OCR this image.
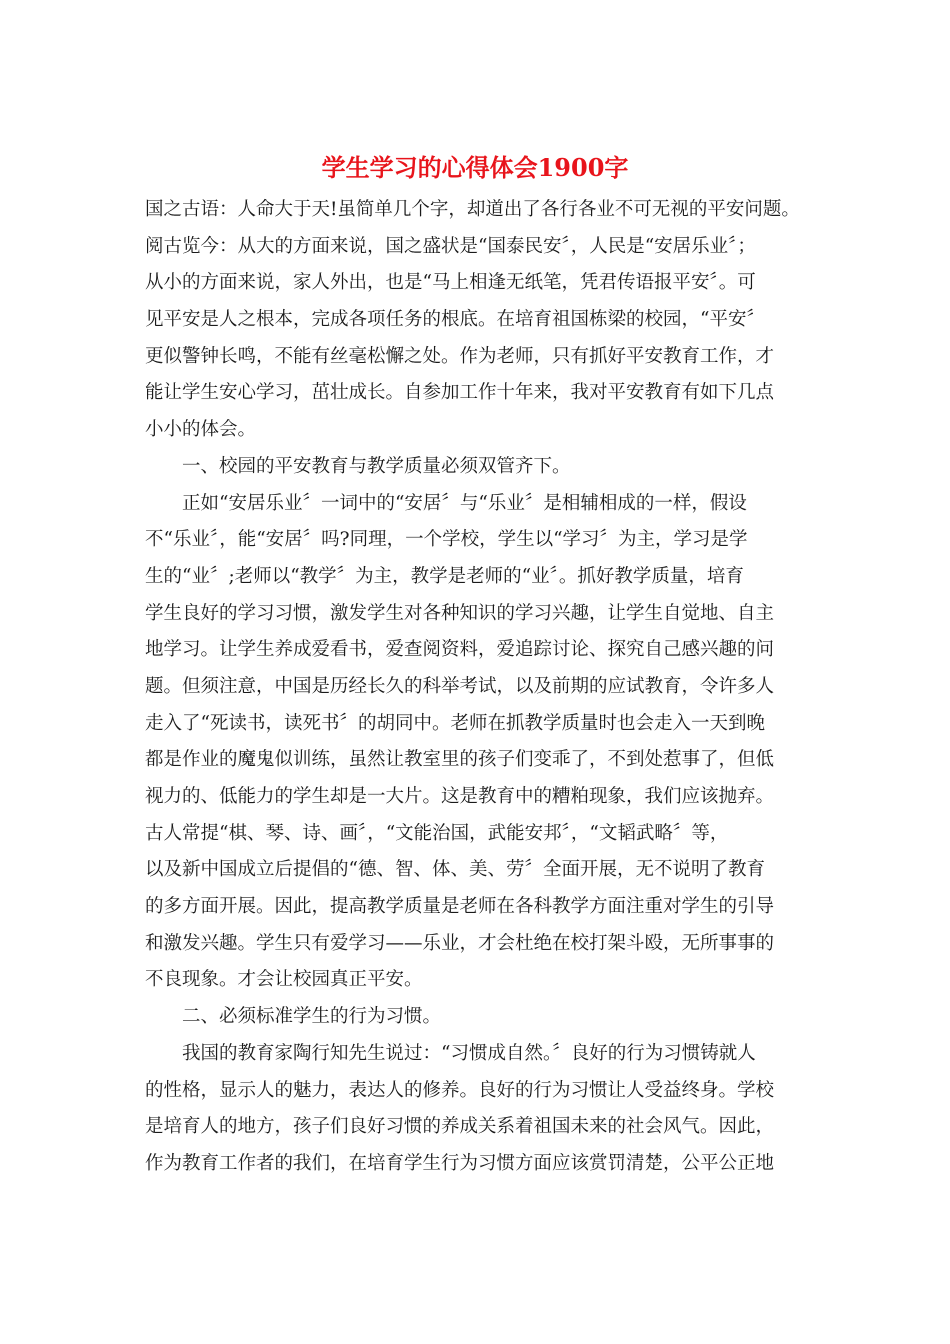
学生学习的心得体会1900字
国之古语：人命大于天!虽简单几个字，却道出了各行各业不可无视的平安问题。
阅古览今：从大的方面来说，国之盛状是“国泰民安〞，人民是“安居乐业〞；
从小的方面来说，家人外出，也是“马上相逢无纸笔，凭君传语报平安〞。可
见平安是人之根本，完成各项任务的根底。在培育祖国栋梁的校园，“平安〞
更似警钟长鸣，不能有丝毫松懈之处。作为老师，只有抓好平安教育工作，才
能让学生安心学习，茁壮成长。自参加工作十年来，我对平安教育有如下几点
小小的体会。
一、校园的平安教育与教学质量必须双管齐下。
正如“安居乐业〞一词中的“安居〞与“乐业〞是相辅相成的一样，假设
不“乐业〞，能“安居〞吗?同理，一个学校，学生以“学习〞为主，学习是学
生的“业〞;老师以“教学〞为主，教学是老师的“业〞。抓好教学质量，培育
学生良好的学习习惯，激发学生对各种知识的学习兴趣，让学生自觉地、自主
地学习。让学生养成爱看书，爱查阅资料，爱追踪讨论、探究自己感兴趣的问
题。但须注意，中国是历经长久的科举考试，以及前期的应试教育，令许多人
走入了“死读书，读死书〞的胡同中。老师在抓教学质量时也会走入一天到晚
都是作业的魔鬼似训练，虽然让教室里的孩子们变乖了，不到处惹事了，但低
视力的、低能力的学生却是一大片。这是教育中的糟粕现象，我们应该抛弃。
古人常提“棋、琴、诗、画〞，“文能治国，武能安邦〞，“文韬武略〞等，
以及新中国成立后提倡的“德、智、体、美、劳〞全面开展，无不说明了教育
的多方面开展。因此，提高教学质量是老师在各科教学方面注重对学生的引导
和激发兴趣。学生只有爱学习——乐业，才会杜绝在校打架斗殴，无所事事的
不良现象。才会让校园真正平安。
二、必须标准学生的行为习惯。
我国的教育家陶行知先生说过：“习惯成自然。〞良好的行为习惯铸就人
的性格，显示人的魅力，表达人的修养。良好的行为习惯让人受益终身。学校
是培育人的地方，孩子们良好习惯的养成关系着祖国未来的社会风气。因此，
作为教育工作者的我们，在培育学生行为习惯方面应该赏罚清楚，公平公正地
